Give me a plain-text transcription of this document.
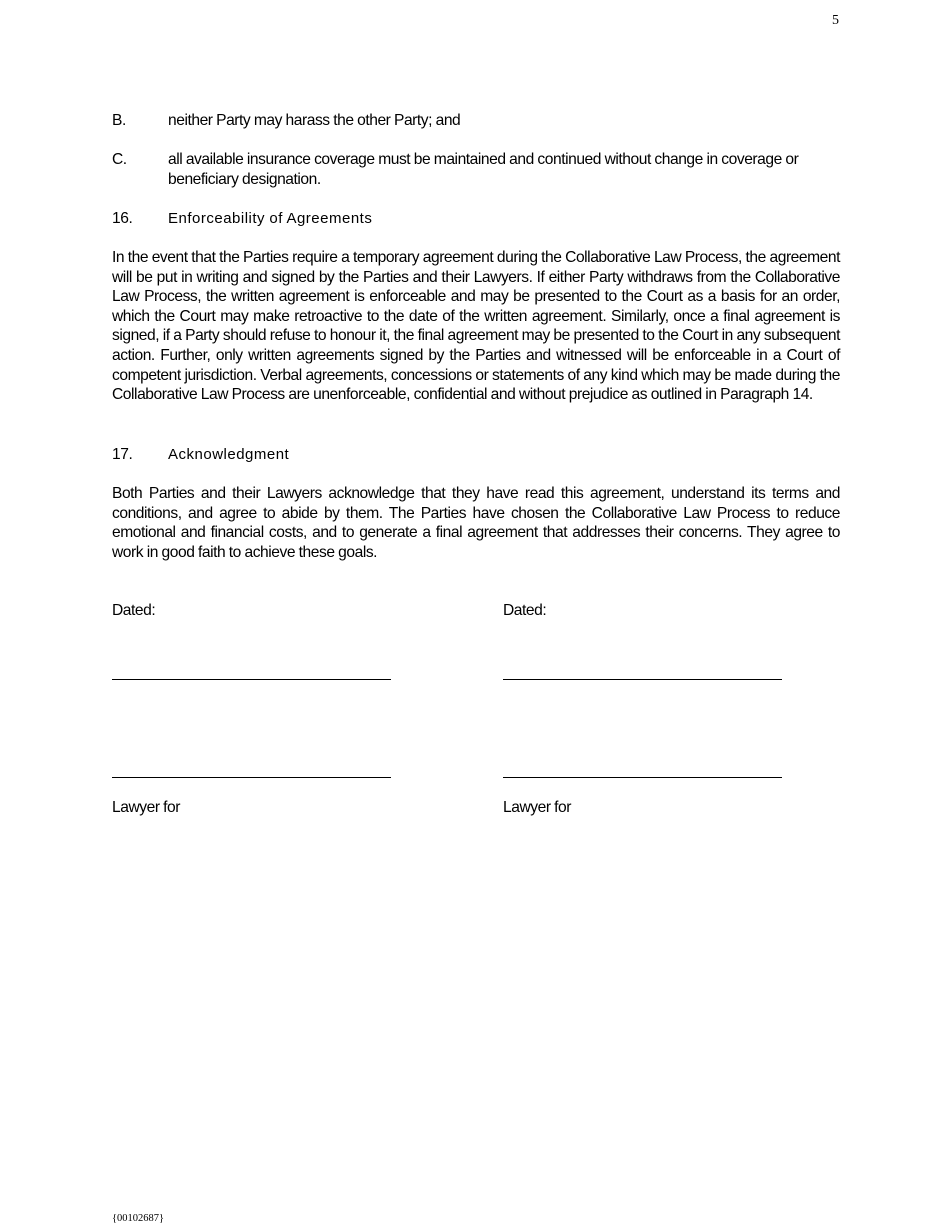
5
B.	neither Party may harass the other Party; and
C.	all available insurance coverage must be maintained and continued without change in coverage or beneficiary designation.
16. Enforceability of Agreements

In the event that the Parties require a temporary agreement during the Collaborative Law Process, the agreement will be put in writing and signed by the Parties and their Lawyers. If either Party withdraws from the Collaborative Law Process, the written agreement is enforceable and may be presented to the Court as a basis for an order, which the Court may make retroactive to the date of the written agreement. Similarly, once a final agreement is signed, if a Party should refuse to honour it, the final agreement may be presented to the Court in any subsequent action. Further, only written agreements signed by the Parties and witnessed will be enforceable in a Court of competent jurisdiction. Verbal agreements, concessions or statements of any kind which may be made during the Collaborative Law Process are unenforceable, confidential and without prejudice as outlined in Paragraph 14.

17. Acknowledgment

Both Parties and their Lawyers acknowledge that they have read this agreement, understand its terms and conditions, and agree to abide by them. The Parties have chosen the Collaborative Law Process to reduce emotional and financial costs, and to generate a final agreement that addresses their concerns. They agree to work in good faith to achieve these goals.

Dated:	Dated:
Lawyer for	Lawyer for
{00102687}
